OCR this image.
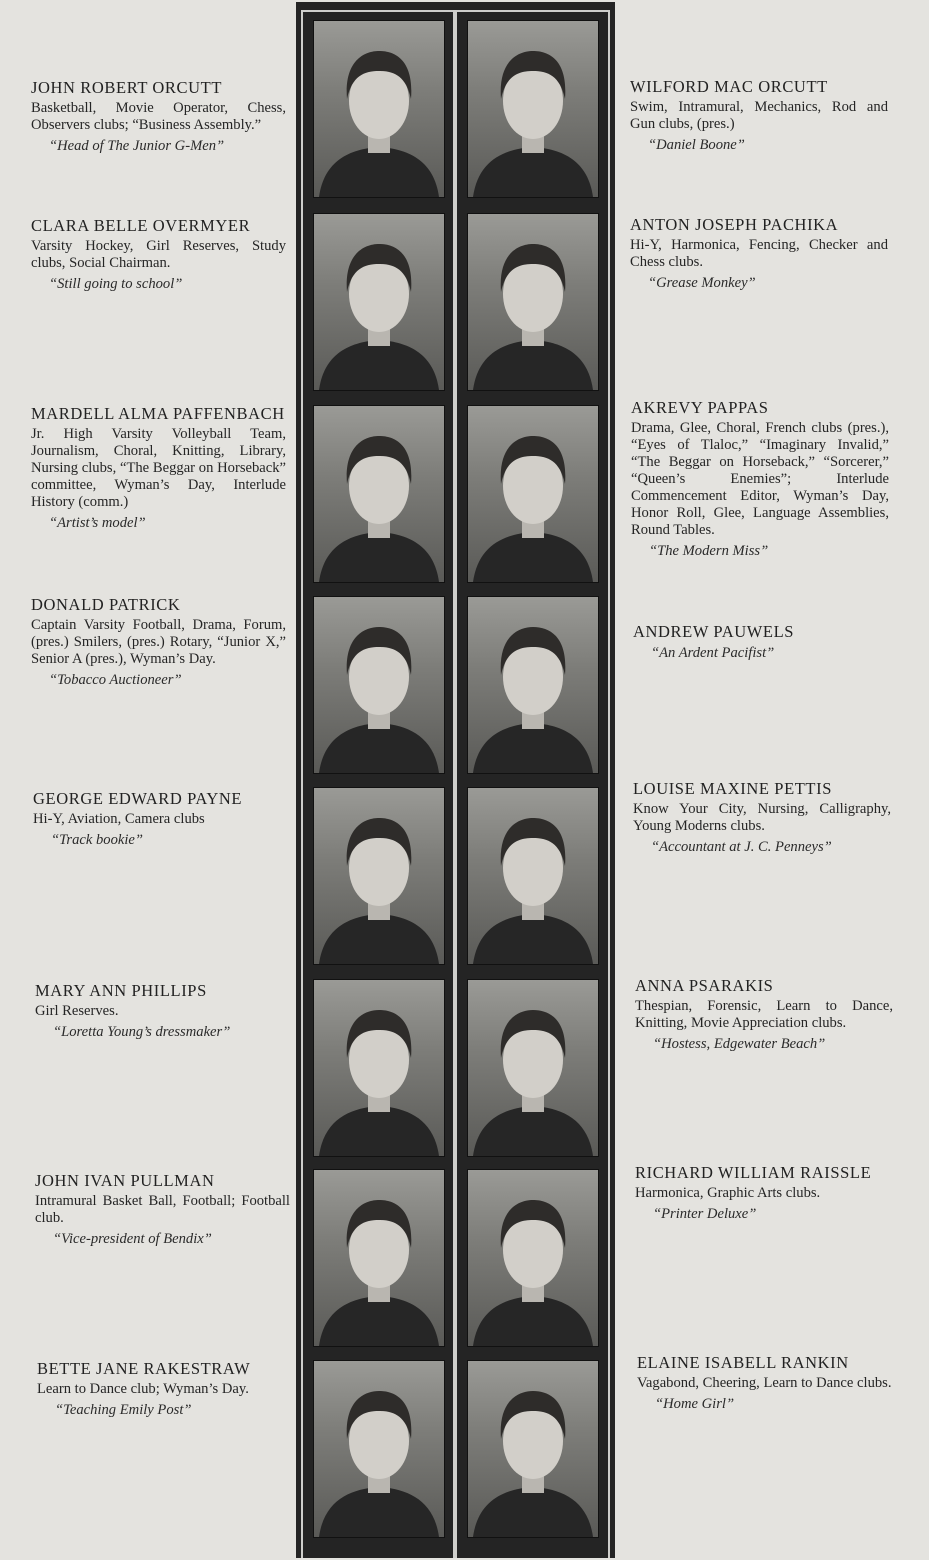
JOHN ROBERT ORCUTT
Basketball, Movie Operator, Chess, Observers clubs; “Business Assembly.”
“Head of The Junior G-Men”
CLARA BELLE OVERMYER
Varsity Hockey, Girl Reserves, Study clubs, Social Chairman.
“Still going to school”
MARDELL ALMA PAFFENBACH
Jr. High Varsity Volleyball Team, Journalism, Choral, Knitting, Library, Nursing clubs, “The Beggar on Horseback” committee, Wyman’s Day, Interlude History (comm.)
“Artist’s model”
DONALD PATRICK
Captain Varsity Football, Drama, Forum, (pres.) Smilers, (pres.) Rotary, “Junior X,” Senior A (pres.), Wyman’s Day.
“Tobacco Auctioneer”
GEORGE EDWARD PAYNE
Hi-Y, Aviation, Camera clubs
“Track bookie”
MARY ANN PHILLIPS
Girl Reserves.
“Loretta Young’s dressmaker”
JOHN IVAN PULLMAN
Intramural Basket Ball, Football; Football club.
“Vice-president of Bendix”
BETTE JANE RAKESTRAW
Learn to Dance club; Wyman’s Day.
“Teaching Emily Post”
WILFORD MAC ORCUTT
Swim, Intramural, Mechanics, Rod and Gun clubs, (pres.)
“Daniel Boone”
ANTON JOSEPH PACHIKA
Hi-Y, Harmonica, Fencing, Checker and Chess clubs.
“Grease Monkey”
AKREVY PAPPAS
Drama, Glee, Choral, French clubs (pres.), “Eyes of Tlaloc,” “Imaginary Invalid,” “The Beggar on Horseback,” “Sorcerer,” “Queen’s Enemies”; Interlude Commencement Editor, Wyman’s Day, Honor Roll, Glee, Language Assemblies, Round Tables.
“The Modern Miss”
ANDREW PAUWELS
“An Ardent Pacifist”
LOUISE MAXINE PETTIS
Know Your City, Nursing, Calligraphy, Young Moderns clubs.
“Accountant at J. C. Penneys”
ANNA PSARAKIS
Thespian, Forensic, Learn to Dance, Knitting, Movie Appreciation clubs.
“Hostess, Edgewater Beach”
RICHARD WILLIAM RAISSLE
Harmonica, Graphic Arts clubs.
“Printer Deluxe”
ELAINE ISABELL RANKIN
Vagabond, Cheering, Learn to Dance clubs.
“Home Girl”
